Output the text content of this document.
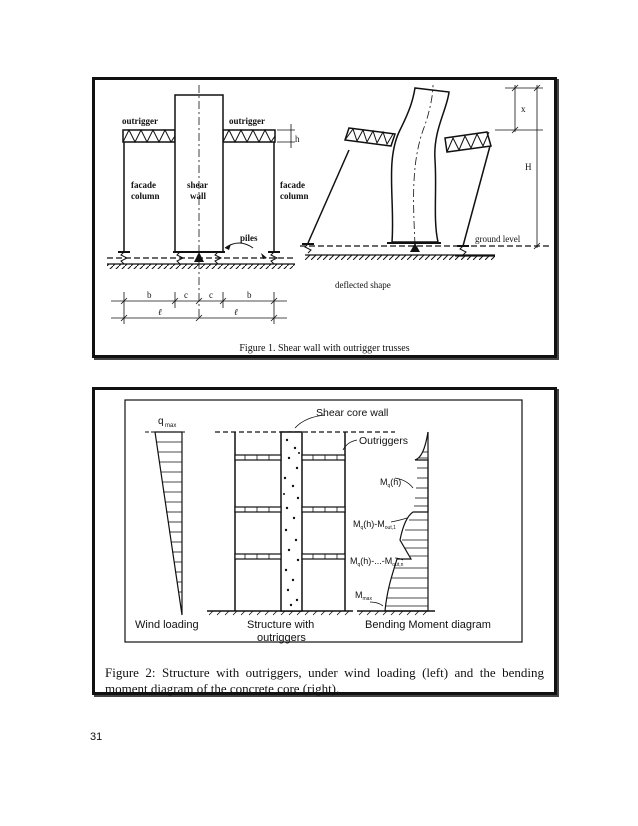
outrigger	outrigger
h
facade
column
shear
wall
facade
column
piles
b	c c	b
ℓ	ℓ
x
H
ground level
deflected shape
Figure 1. Shear wall with outrigger trusses
q max
Shear core wall
Outriggers
$M_q(h)$
$M_q(h)-M_{out,1}$
$M_q(h)-...-M_{out,n}$
$M_{max}$
Wind loading	Structure with
outriggers
Bending Moment diagram
Figure 2: Structure with outriggers, under wind loading (left) and the bending moment diagram of the concrete core (right).
31
